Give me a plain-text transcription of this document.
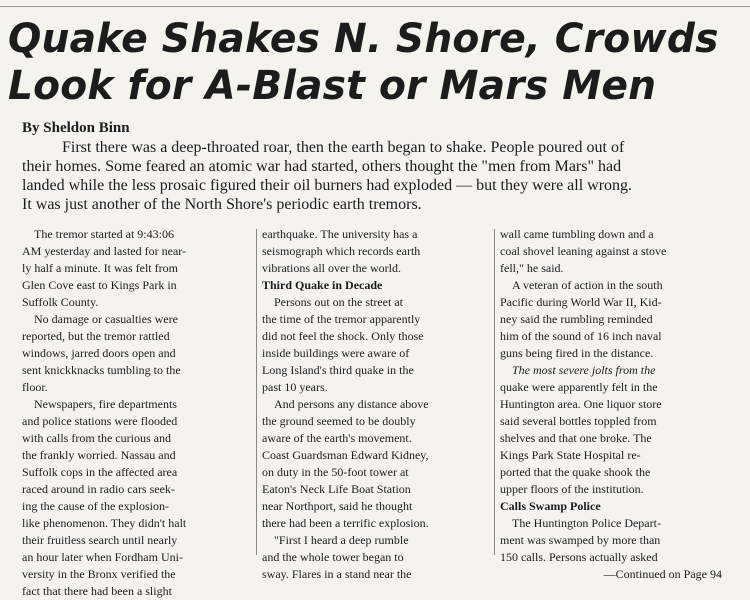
Quake Shakes N. Shore, Crowds
Look for A-Blast or Mars Men
By Sheldon Binn

First there was a deep-throated roar, then the earth began to shake. People poured out of
their homes. Some feared an atomic war had started, others thought the "men from Mars" had
landed while the less prosaic figured their oil burners had exploded — but they were all wrong.
It was just another of the North Shore's periodic earth tremors.

The tremor started at 9:43:06
AM yesterday and lasted for near-
ly half a minute. It was felt from
Glen Cove east to Kings Park in
Suffolk County.
No damage or casualties were
reported, but the tremor rattled
windows, jarred doors open and
sent knickknacks tumbling to the
floor.
Newspapers, fire departments
and police stations were flooded
with calls from the curious and
the frankly worried. Nassau and
Suffolk cops in the affected area
raced around in radio cars seek-
ing the cause of the explosion-
like phenomenon. They didn't halt
their fruitless search until nearly
an hour later when Fordham Uni-
versity in the Bronx verified the
fact that there had been a slight
earthquake. The university has a
seismograph which records earth
vibrations all over the world.
Third Quake in Decade
Persons out on the street at
the time of the tremor apparently
did not feel the shock. Only those
inside buildings were aware of
Long Island's third quake in the
past 10 years.
And persons any distance above
the ground seemed to be doubly
aware of the earth's movement.
Coast Guardsman Edward Kidney,
on duty in the 50-foot tower at
Eaton's Neck Life Boat Station
near Northport, said he thought
there had been a terrific explosion.
"First I heard a deep rumble
and the whole tower began to
sway. Flares in a stand near the
wall came tumbling down and a
coal shovel leaning against a stove
fell," he said.
A veteran of action in the south
Pacific during World War II, Kid-
ney said the rumbling reminded
him of the sound of 16 inch naval
guns being fired in the distance.
The most severe jolts from the
quake were apparently felt in the
Huntington area. One liquor store
said several bottles toppled from
shelves and that one broke. The
Kings Park State Hospital re-
ported that the quake shook the
upper floors of the institution.
Calls Swamp Police
The Huntington Police Depart-
ment was swamped by more than
150 calls. Persons actually asked
—Continued on Page 94
